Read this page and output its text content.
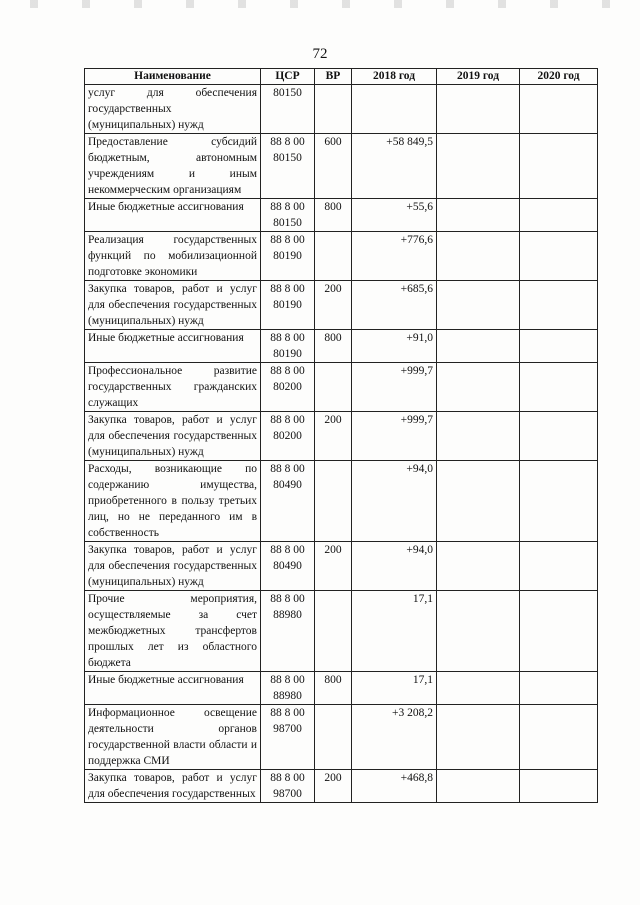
72
Наименование	ЦСР	ВР	2018 год	2019 год	2020 год
услуг для обеспечения государственных (муниципальных) нужд	80150				
Предоставление субсидий бюджетным, автономным учреждениям и иным некоммерческим организациям	88 8 00 80150	600	+58 849,5		
Иные бюджетные ассигнования	88 8 00 80150	800	+55,6		
Реализация государственных функций по мобилизационной подготовке экономики	88 8 00 80190		+776,6		
Закупка товаров, работ и услуг для обеспечения государственных (муниципальных) нужд	88 8 00 80190	200	+685,6		
Иные бюджетные ассигнования	88 8 00 80190	800	+91,0		
Профессиональное развитие государственных гражданских служащих	88 8 00 80200		+999,7		
Закупка товаров, работ и услуг для обеспечения государственных (муниципальных) нужд	88 8 00 80200	200	+999,7		
Расходы, возникающие по содержанию имущества, приобретенного в пользу третьих лиц, но не переданного им в собственность	88 8 00 80490		+94,0		
Закупка товаров, работ и услуг для обеспечения государственных (муниципальных) нужд	88 8 00 80490	200	+94,0		
Прочие мероприятия, осуществляемые за счет межбюджетных трансфертов прошлых лет из областного бюджета	88 8 00 88980		17,1		
Иные бюджетные ассигнования	88 8 00 88980	800	17,1		
Информационное освещение деятельности органов государственной власти области и поддержка СМИ	88 8 00 98700		+3 208,2		
Закупка товаров, работ и услуг для обеспечения государственных	88 8 00 98700	200	+468,8		
